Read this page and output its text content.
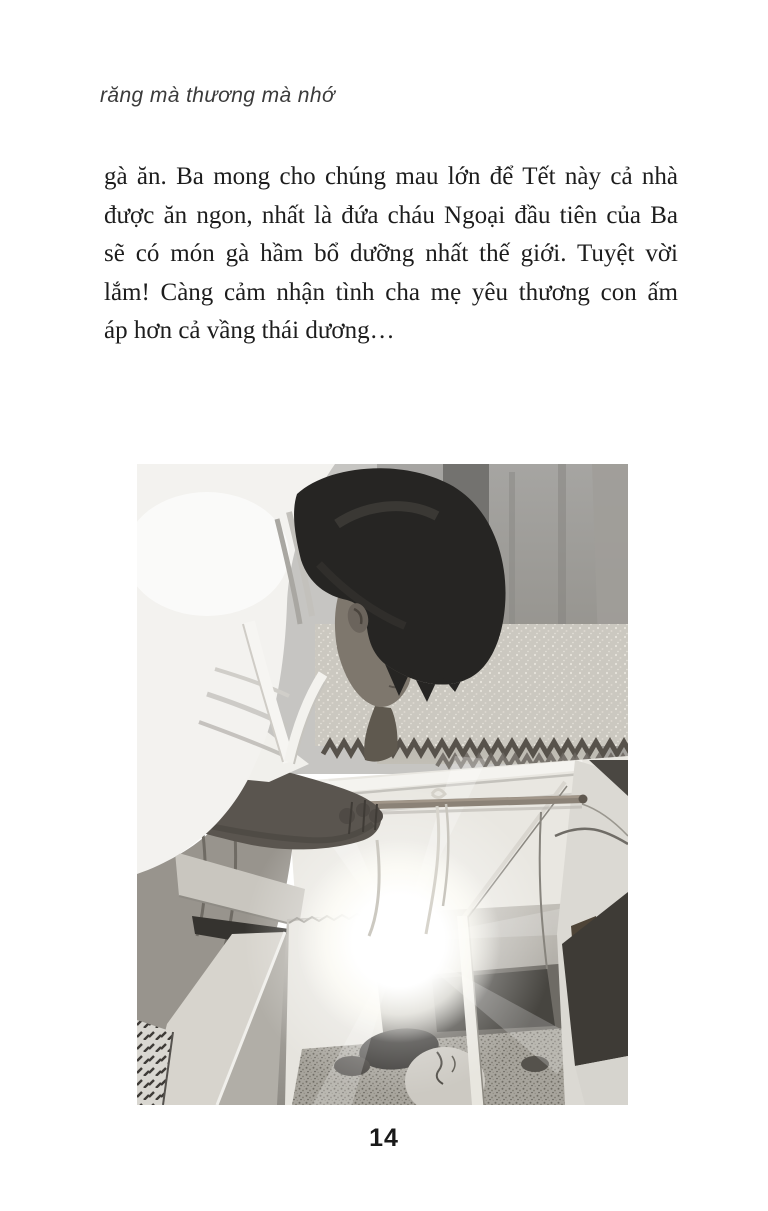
răng mà thương mà nhớ
gà ăn. Ba mong cho chúng mau lớn để Tết này cả nhà
được ăn ngon, nhất là đứa cháu Ngoại đầu tiên của Ba
sẽ có món gà hầm bổ dưỡng nhất thế giới. Tuyệt vời
lắm! Càng cảm nhận tình cha mẹ yêu thương con ấm
áp hơn cả vầng thái dương…
14
